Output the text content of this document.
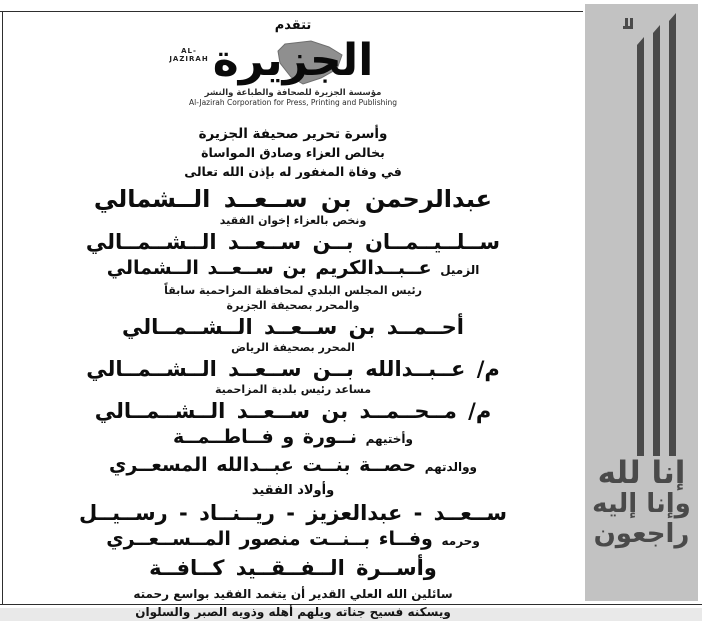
تتقدم
AL-JAZIRAH الجزيرة
مؤسسة الجزيرة للصحافة والطباعة والنشر
Al-Jazirah Corporation for Press, Printing and Publishing
وأسرة تحرير صحيفة الجزيرة
بخالص العزاء وصادق المواساة
في وفاة المغفور له بإذن الله تعالى
عبدالرحمن بن ســعــد الــشمالي
ونخص بالعزاء إخوان الفقيد
ســلــيــمــان بــن ســعــد الــشــمــالي
الزميل عــبــدالكريم بن ســعــد الــشمالي
رئيس المجلس البلدي لمحافظة المزاحمية سابقاً
والمحرر بصحيفة الجزيرة
أحــمــد بن ســعــد الــشــمــالي
المحرر بصحيفة الرياض
م/ عــبــدالله بــن ســعــد الــشــمــالي
مساعد رئيس بلدية المزاحمية
م/ مــحــمــد بن ســعــد الــشــمــالي
وأختيهم نــورة و فــاطــمــة
ووالدتهم حصــة بنــت عبــدالله المسعــري
وأولاد الفقيد
ســعــد - عبدالعزيز - ريــنــاد - رســيــل
وحرمه وفــاء بــنــت منصور المــســعــري
وأســرة الــفــقــيد كــافــة
سائلين الله العلي القدير أن يتغمد الفقيد بواسع رحمته
ويسكنه فسيح جناته ويلهم أهله وذويه الصبر والسلوان
إنا لله
وإنا إليه
راجعون
